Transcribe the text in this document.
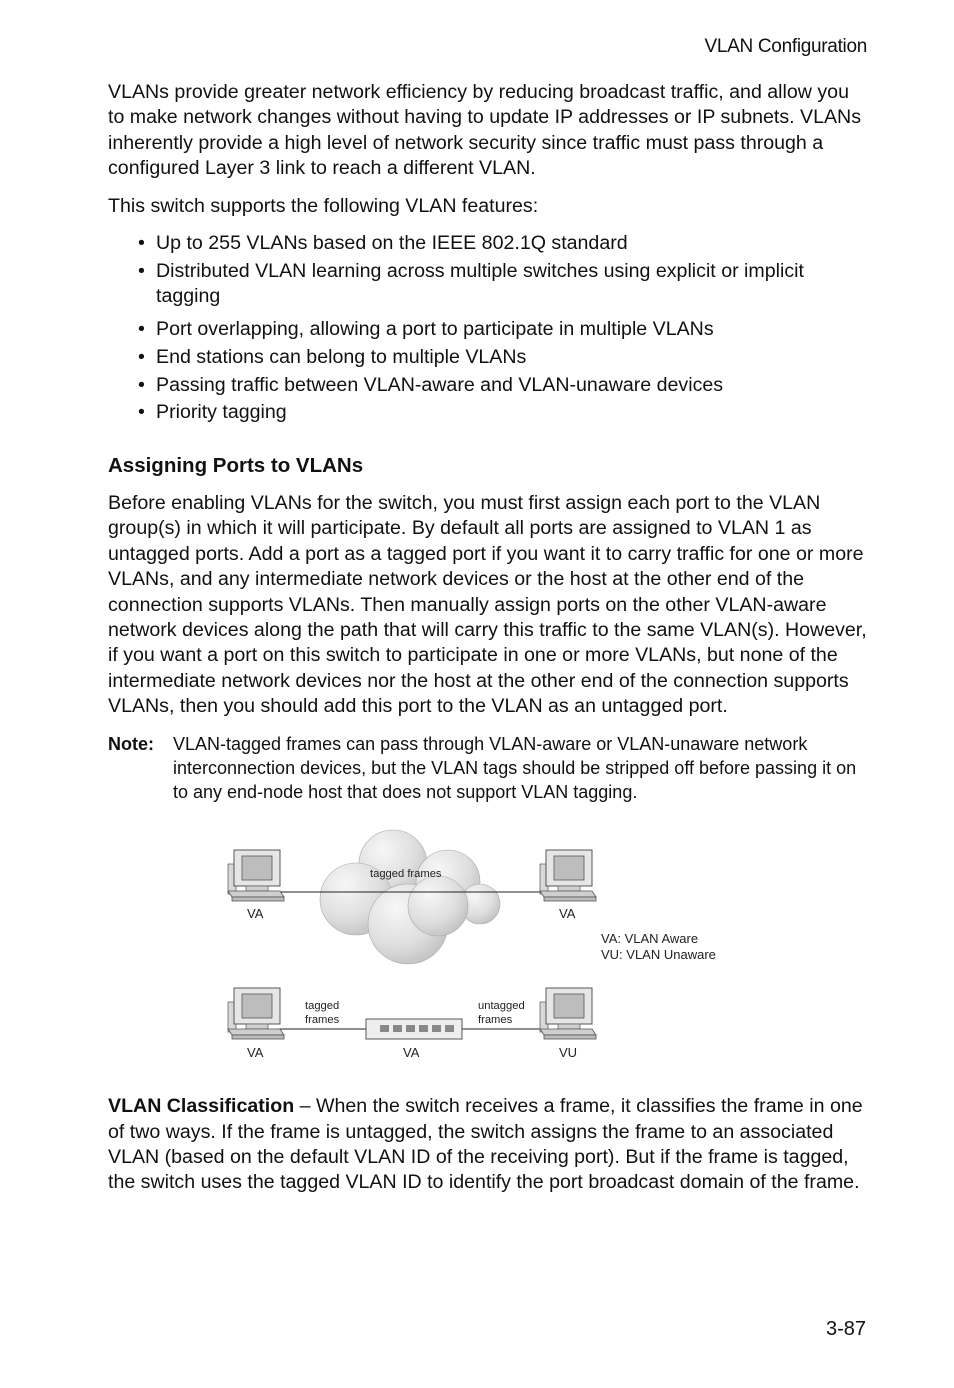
VLAN Configuration

VLANs provide greater network efficiency by reducing broadcast traffic, and allow you to make network changes without having to update IP addresses or IP subnets. VLANs inherently provide a high level of network security since traffic must pass through a configured Layer 3 link to reach a different VLAN.

This switch supports the following VLAN features:

• Up to 255 VLANs based on the IEEE 802.1Q standard
• Distributed VLAN learning across multiple switches using explicit or implicit tagging
• Port overlapping, allowing a port to participate in multiple VLANs
• End stations can belong to multiple VLANs
• Passing traffic between VLAN-aware and VLAN-unaware devices
• Priority tagging
Assigning Ports to VLANs

Before enabling VLANs for the switch, you must first assign each port to the VLAN group(s) in which it will participate. By default all ports are assigned to VLAN 1 as untagged ports. Add a port as a tagged port if you want it to carry traffic for one or more VLANs, and any intermediate network devices or the host at the other end of the connection supports VLANs. Then manually assign ports on the other VLAN-aware network devices along the path that will carry this traffic to the same VLAN(s). However, if you want a port on this switch to participate in one or more VLANs, but none of the intermediate network devices nor the host at the other end of the connection supports VLANs, then you should add this port to the VLAN as an untagged port.

Note: VLAN-tagged frames can pass through VLAN-aware or VLAN-unaware network interconnection devices, but the VLAN tags should be stripped off before passing it on to any end-node host that does not support VLAN tagging.
tagged frames
VA	VA
VA: VLAN Aware
VU: VLAN Unaware
tagged
frames
untagged
frames
VA	VA	VU

VLAN Classification – When the switch receives a frame, it classifies the frame in one of two ways. If the frame is untagged, the switch assigns the frame to an associated VLAN (based on the default VLAN ID of the receiving port). But if the frame is tagged, the switch uses the tagged VLAN ID to identify the port broadcast domain of the frame.

3-87
